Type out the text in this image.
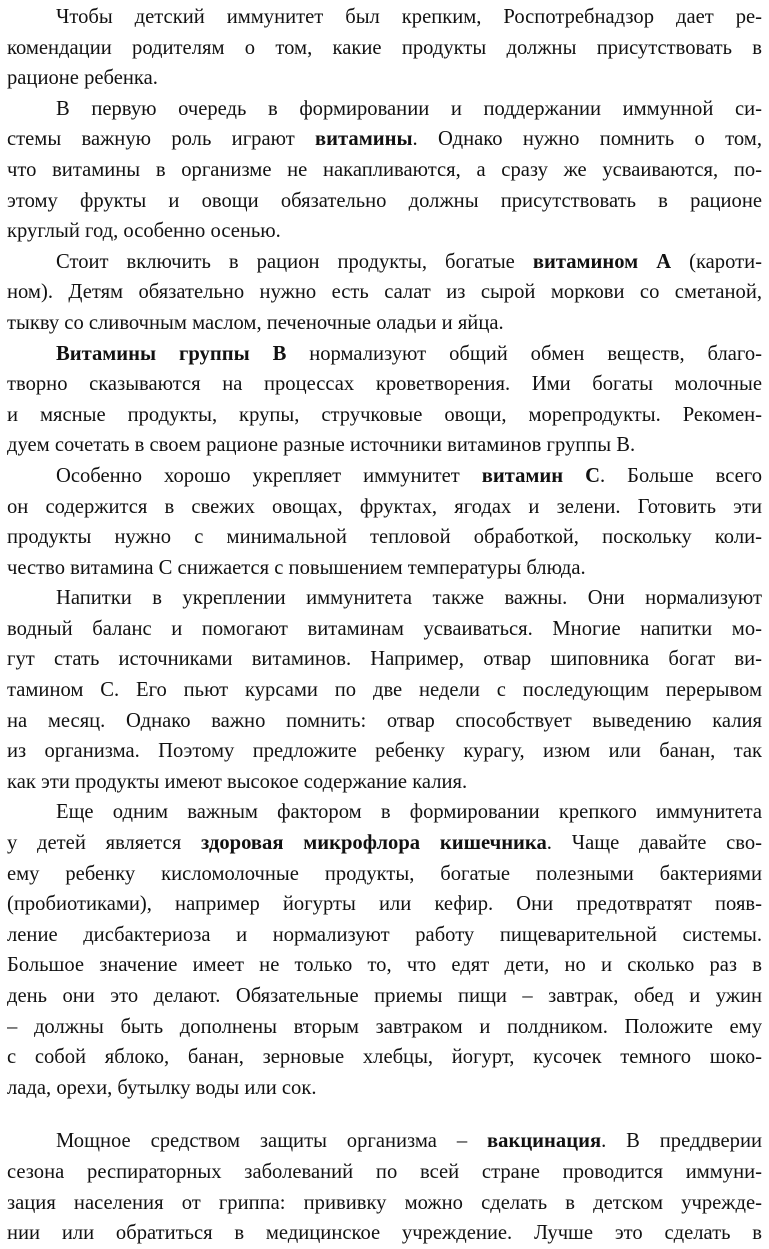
Чтобы детский иммунитет был крепким, Роспотребнадзор дает ре-
комендации родителям о том, какие продукты должны присутствовать в
рационе ребенка.
В первую очередь в формировании и поддержании иммунной си-
стемы важную роль играют витамины. Однако нужно помнить о том,
что витамины в организме не накапливаются, а сразу же усваиваются, по-
этому фрукты и овощи обязательно должны присутствовать в рационе
круглый год, особенно осенью.
Стоит включить в рацион продукты, богатые витамином А (кароти-
ном). Детям обязательно нужно есть салат из сырой моркови со сметаной,
тыкву со сливочным маслом, печеночные оладьи и яйца.
Витамины группы В нормализуют общий обмен веществ, благо-
творно сказываются на процессах кроветворения. Ими богаты молочные
и мясные продукты, крупы, стручковые овощи, морепродукты. Рекомен-
дуем сочетать в своем рационе разные источники витаминов группы В.
Особенно хорошо укрепляет иммунитет витамин С. Больше всего
он содержится в свежих овощах, фруктах, ягодах и зелени. Готовить эти
продукты нужно с минимальной тепловой обработкой, поскольку коли-
чество витамина С снижается с повышением температуры блюда.
Напитки в укреплении иммунитета также важны. Они нормализуют
водный баланс и помогают витаминам усваиваться. Многие напитки мо-
гут стать источниками витаминов. Например, отвар шиповника богат ви-
тамином С. Его пьют курсами по две недели с последующим перерывом
на месяц. Однако важно помнить: отвар способствует выведению калия
из организма. Поэтому предложите ребенку курагу, изюм или банан, так
как эти продукты имеют высокое содержание калия.
Еще одним важным фактором в формировании крепкого иммунитета
у детей является здоровая микрофлора кишечника. Чаще давайте сво-
ему ребенку кисломолочные продукты, богатые полезными бактериями
(пробиотиками), например йогурты или кефир. Они предотвратят появ-
ление дисбактериоза и нормализуют работу пищеварительной системы.
Большое значение имеет не только то, что едят дети, но и сколько раз в
день они это делают. Обязательные приемы пищи – завтрак, обед и ужин
– должны быть дополнены вторым завтраком и полдником. Положите ему
с собой яблоко, банан, зерновые хлебцы, йогурт, кусочек темного шоко-
лада, орехи, бутылку воды или сок.
Мощное средством защиты организма – вакцинация. В преддверии
сезона респираторных заболеваний по всей стране проводится иммуни-
зация населения от гриппа: прививку можно сделать в детском учрежде-
нии или обратиться в медицинское учреждение. Лучше это сделать в
